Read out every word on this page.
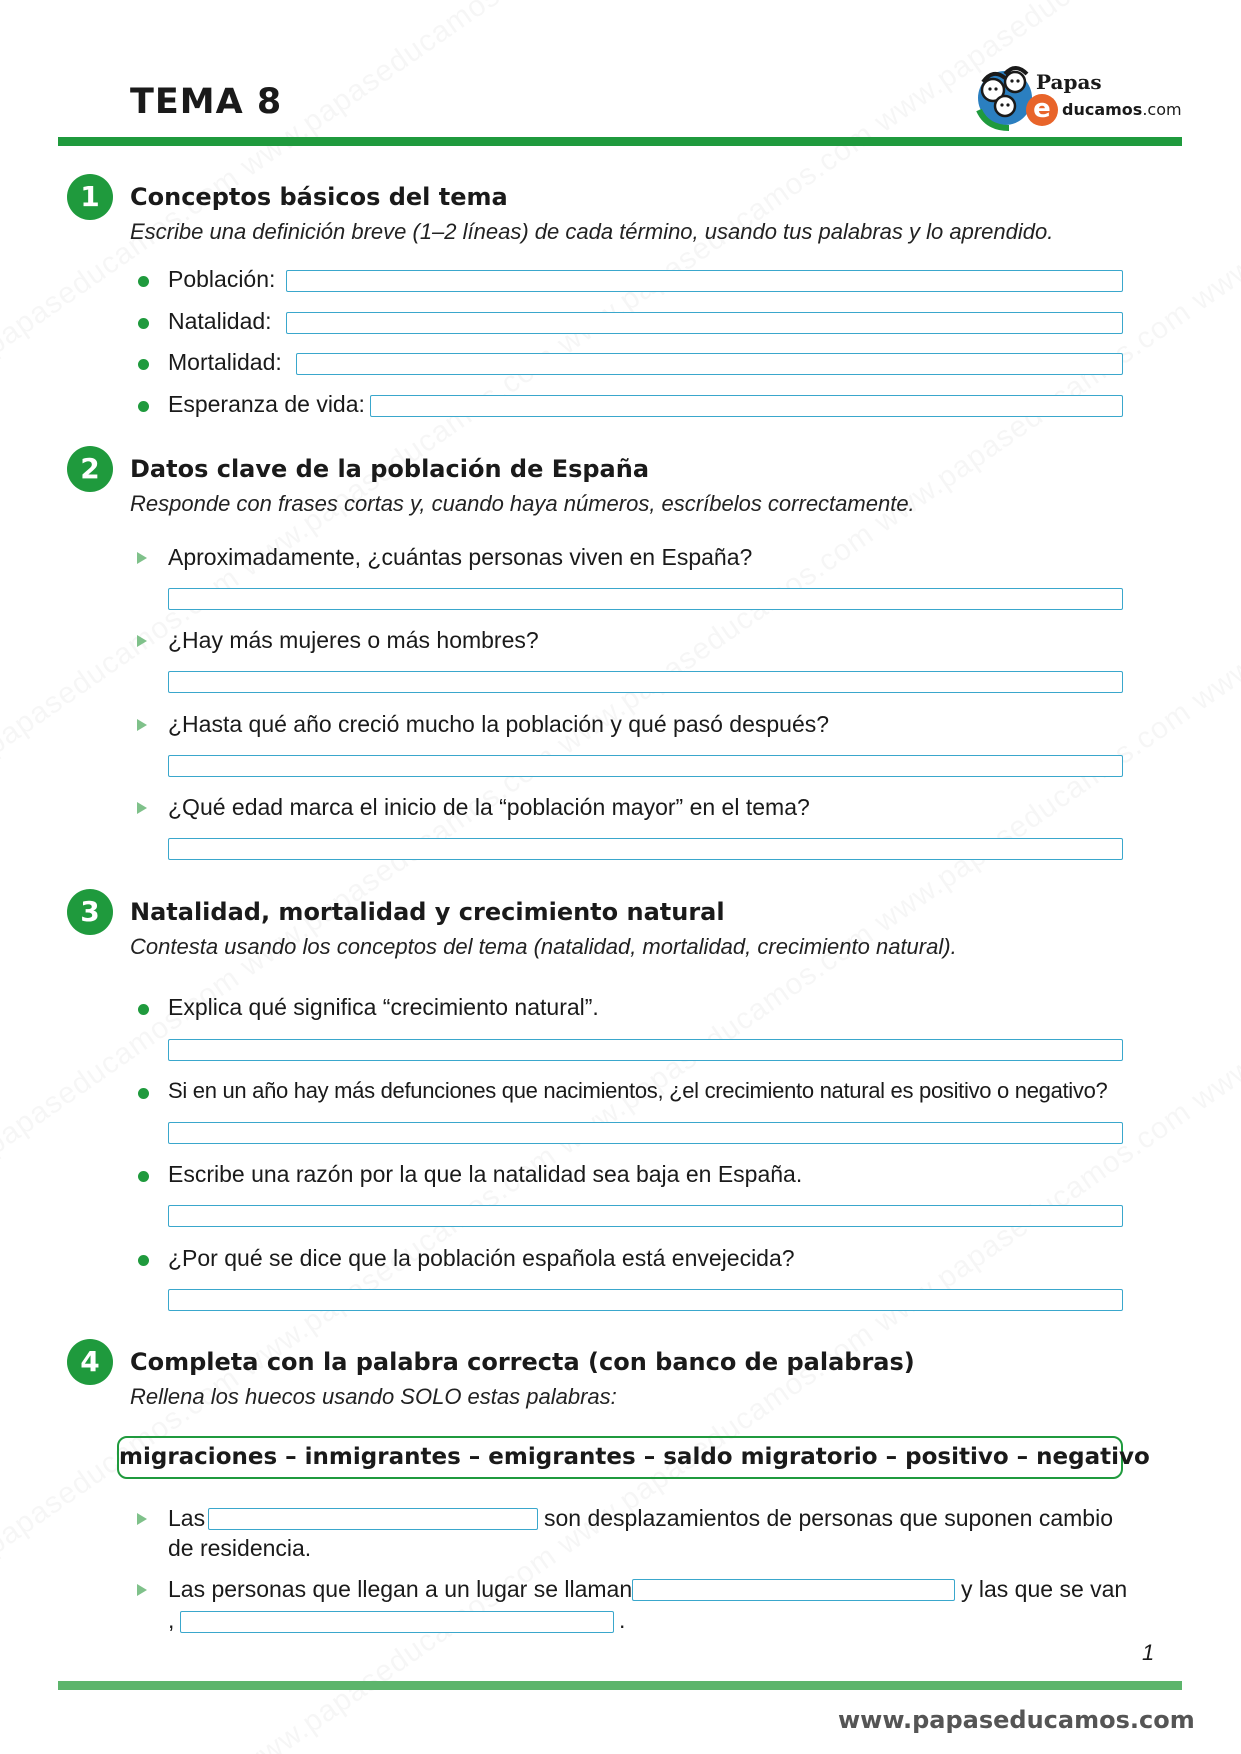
TEMA 8	Papas
e ducamos.com
1	Conceptos básicos del tema
Escribe una definición breve (1–2 líneas) de cada término, usando tus palabras y lo aprendido.
Población:
Natalidad:
Mortalidad:
Esperanza de vida:
2	Datos clave de la población de España
Responde con frases cortas y, cuando haya números, escríbelos correctamente.
Aproximadamente, ¿cuántas personas viven en España?
¿Hay más mujeres o más hombres?
¿Hasta qué año creció mucho la población y qué pasó después?
¿Qué edad marca el inicio de la “población mayor” en el tema?
3	Natalidad, mortalidad y crecimiento natural
Contesta usando los conceptos del tema (natalidad, mortalidad, crecimiento natural).
Explica qué significa “crecimiento natural”.
Si en un año hay más defunciones que nacimientos, ¿el crecimiento natural es positivo o negativo?
Escribe una razón por la que la natalidad sea baja en España.
¿Por qué se dice que la población española está envejecida?
4	Completa con la palabra correcta (con banco de palabras)
Rellena los huecos usando SOLO estas palabras:
migraciones – inmigrantes – emigrantes – saldo migratorio – positivo – negativo
Las	son desplazamientos de personas que suponen cambio
de residencia.
Las personas que llegan a un lugar se llaman	y las que se van
,	.
1
www.papaseducamos.com
